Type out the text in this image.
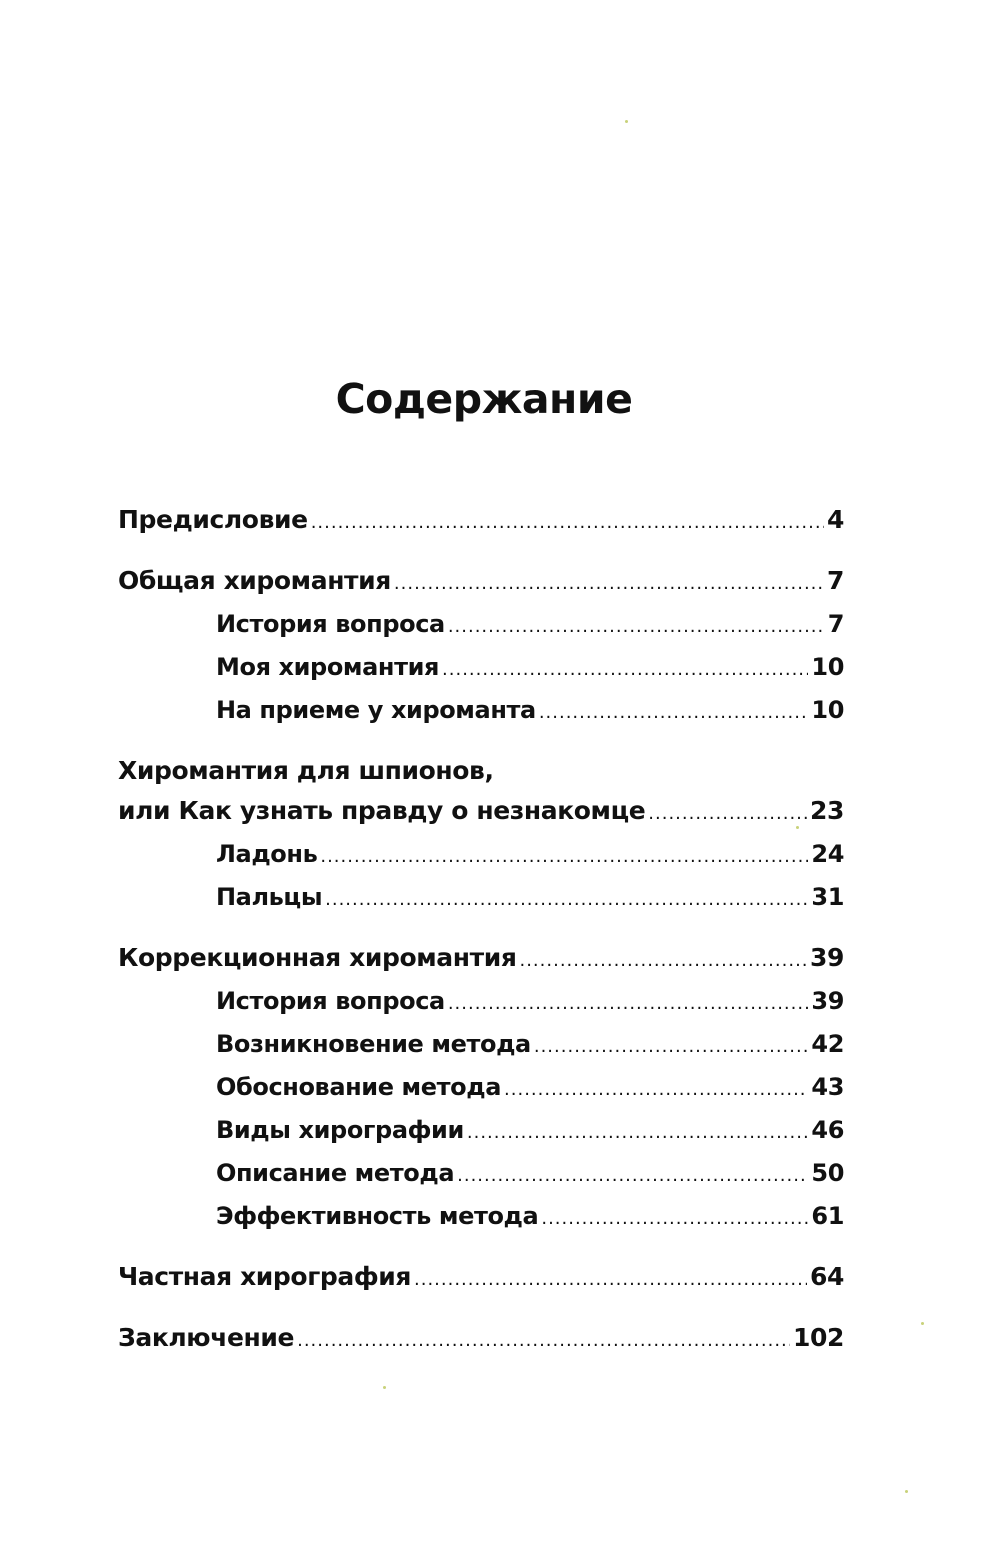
Содержание
Предисловие .....	4
Общая хиромантия .....	7
История вопроса .....	7
Моя хиромантия .....	10
На приеме у хироманта .....	10
Хиромантия для шпионов,
или Как узнать правду о незнакомце .....	23
Ладонь .....	24
Пальцы .....	31
Коррекционная хиромантия .....	39
История вопроса .....	39
Возникновение метода .....	42
Обоснование метода .....	43
Виды хирографии .....	46
Описание метода .....	50
Эффективность метода .....	61
Частная хирография .....	64
Заключение .....	102
